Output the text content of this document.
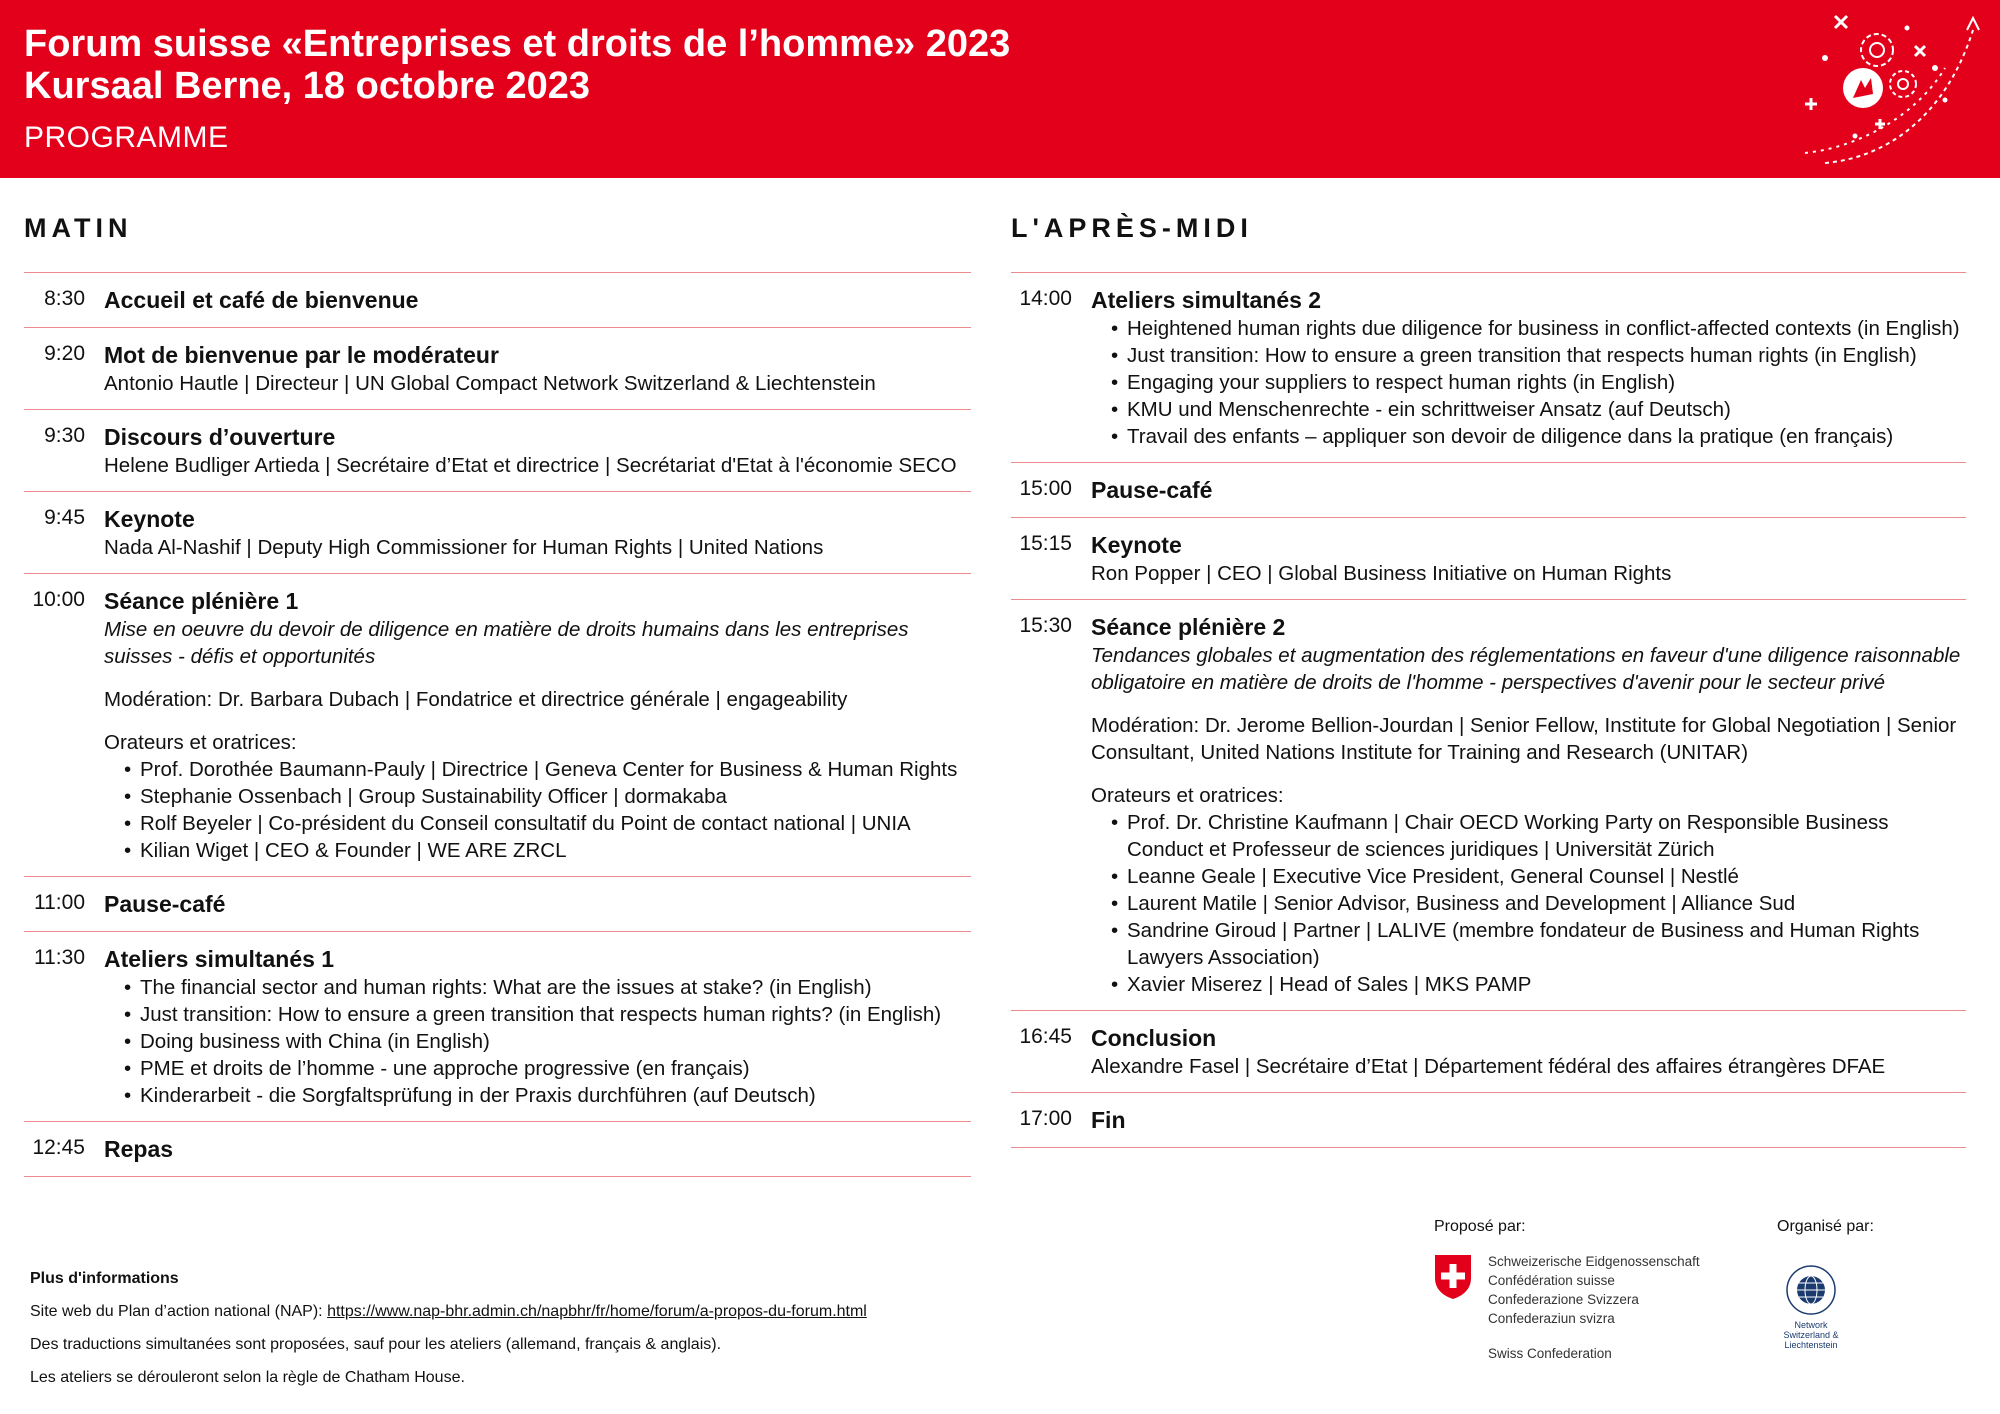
Forum suisse «Entreprises et droits de l’homme» 2023
Kursaal Berne, 18 octobre 2023
PROGRAMME
MATIN
8:30 Accueil et café de bienvenue
9:20 Mot de bienvenue par le modérateur
Antonio Hautle | Directeur | UN Global Compact Network Switzerland & Liechtenstein
9:30 Discours d’ouverture
Helene Budliger Artieda | Secrétaire d’Etat et directrice | Secrétariat d'Etat à l'économie SECO
9:45 Keynote
Nada Al-Nashif | Deputy High Commissioner for Human Rights | United Nations
10:00 Séance plénière 1
Mise en oeuvre du devoir de diligence en matière de droits humains dans les entreprises suisses - défis et opportunités
Modération: Dr. Barbara Dubach | Fondatrice et directrice générale | engageability
Orateurs et oratrices:
• Prof. Dorothée Baumann-Pauly | Directrice | Geneva Center for Business & Human Rights
• Stephanie Ossenbach | Group Sustainability Officer | dormakaba
• Rolf Beyeler | Co-président du Conseil consultatif du Point de contact national | UNIA
• Kilian Wiget | CEO & Founder | WE ARE ZRCL
11:00 Pause-café
11:30 Ateliers simultanés 1
• The financial sector and human rights: What are the issues at stake? (in English)
• Just transition: How to ensure a green transition that respects human rights? (in English)
• Doing business with China (in English)
• PME et droits de l’homme - une approche progressive (en français)
• Kinderarbeit - die Sorgfaltsprüfung in der Praxis durchführen (auf Deutsch)
12:45 Repas
L'APRÈS-MIDI
14:00 Ateliers simultanés 2
• Heightened human rights due diligence for business in conflict-affected contexts (in English)
• Just transition: How to ensure a green transition that respects human rights (in English)
• Engaging your suppliers to respect human rights (in English)
• KMU und Menschenrechte - ein schrittweiser Ansatz (auf Deutsch)
• Travail des enfants – appliquer son devoir de diligence dans la pratique (en français)
15:00 Pause-café
15:15 Keynote
Ron Popper | CEO | Global Business Initiative on Human Rights
15:30 Séance plénière 2
Tendances globales et augmentation des réglementations en faveur d'une diligence raisonnable obligatoire en matière de droits de l'homme - perspectives d'avenir pour le secteur privé
Modération: Dr. Jerome Bellion-Jourdan | Senior Fellow, Institute for Global Negotiation | Senior Consultant, United Nations Institute for Training and Research (UNITAR)
Orateurs et oratrices:
• Prof. Dr. Christine Kaufmann | Chair OECD Working Party on Responsible Business Conduct et Professeur de sciences juridiques | Universität Zürich
• Leanne Geale | Executive Vice President, General Counsel | Nestlé
• Laurent Matile | Senior Advisor, Business and Development | Alliance Sud
• Sandrine Giroud | Partner | LALIVE (membre fondateur de Business and Human Rights Lawyers Association)
• Xavier Miserez | Head of Sales | MKS PAMP
16:45 Conclusion
Alexandre Fasel | Secrétaire d’Etat | Département fédéral des affaires étrangères DFAE
17:00 Fin
Plus d'informations
Site web du Plan d’action national (NAP): https://www.nap-bhr.admin.ch/napbhr/fr/home/forum/a-propos-du-forum.html
Des traductions simultanées sont proposées, sauf pour les ateliers (allemand, français & anglais).
Les ateliers se dérouleront selon la règle de Chatham House.
Proposé par:	Organisé par:
Schweizerische Eidgenossenschaft
Confédération suisse
Confederazione Svizzera
Confederaziun svizra
Swiss Confederation
Network Switzerland & Liechtenstein
